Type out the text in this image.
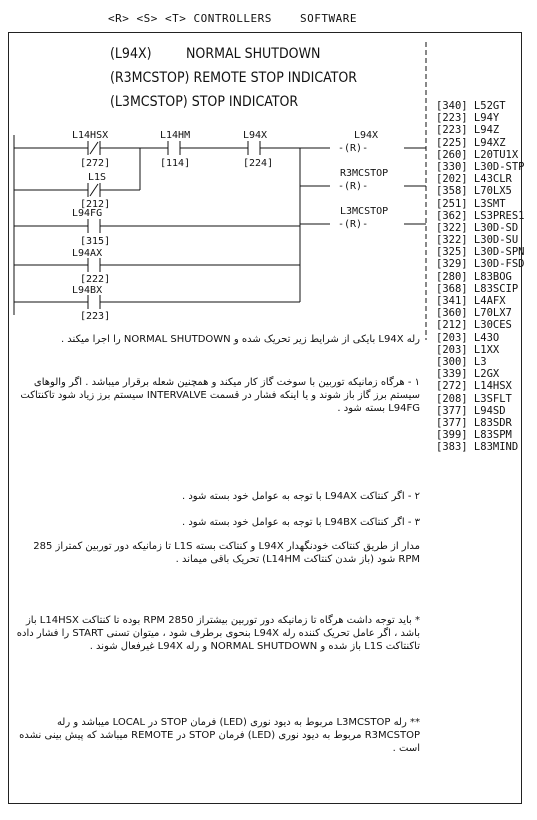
<R> <S> <T> CONTROLLERS	SOFTWARE
(L94X) NORMAL SHUTDOWN
(R3MCSTOP) REMOTE STOP INDICATOR
(L3MCSTOP) STOP INDICATOR
L14HSX
[272]
L1S
[212]
L94FG
[315]
L94AX
[222]
L94BX
[223]
L14HM
[114]
L94X
[224]
L94X
-(R)-
R3MCSTOP
-(R)-
L3MCSTOP
-(R)-
[340] L52GT
[223] L94Y
[223] L94Z
[225] L94XZ
[260] L20TU1X
[330] L30D-STP
[202] L43CLR
[358] L70LX5
[251] L3SMT
[362] LS3PRES1
[322] L30D-SD
[322] L30D-SU
[325] L30D-SPN
[329] L30D-FSD
[280] L83BOG
[368] L83SCIP
[341] L4AFX
[360] L70LX7
[212] L30CES
[203] L43O
[203] L1XX
[300] L3
[339] L2GX
[272] L14HSX
[208] L3SFLT
[377] L94SD
[377] L83SDR
[399] L83SPM
[383] L83MIND
رله L94X بايكى از شرايط زير تحريک شده و NORMAL SHUTDOWN را اجرا ميکند .
١ - هرگاه زمانيکه توربين با سوخت گاز کار ميکند و همچنين شعله برقرار ميباشد . اگر والوهاى سيستم برز گاز باز شوند و يا اينکه فشار در قسمت INTERVALVE سيستم برز زياد شود تاکنتاکت L94FG بسته شود .
٢ - اگر کنتاکت L94AX با توجه به عوامل خود بسته شود .
٣ - اگر کنتاکت L94BX با توجه به عوامل خود بسته شود .
مدار از طريق کنتاکت خودنگهدار L94X و کنتاکت بسته L1S تا زمانيکه دور توربين کمتراز 285 RPM شود (باز شدن کنتاکت L14HM) تحريک باقى ميماند .
* بايد توجه داشت هرگاه تا زمانيکه دور توربين بيشتراز 2850 RPM بوده تا کنتاکت L14HSX باز باشد ، اگر عامل تحريک کننده رله L94X بنحوى برطرف شود ، ميتوان تسنى START را فشار داده تاکنتاکت L1S باز شده و NORMAL SHUTDOWN و رله L94X غيرفعال شوند .
** رله L3MCSTOP مربوط به ديود نورى (LED) فرمان STOP در LOCAL ميباشد و رله R3MCSTOP مربوط به ديود نورى (LED) فرمان STOP در REMOTE ميباشد که پيش بينى نشده است .
